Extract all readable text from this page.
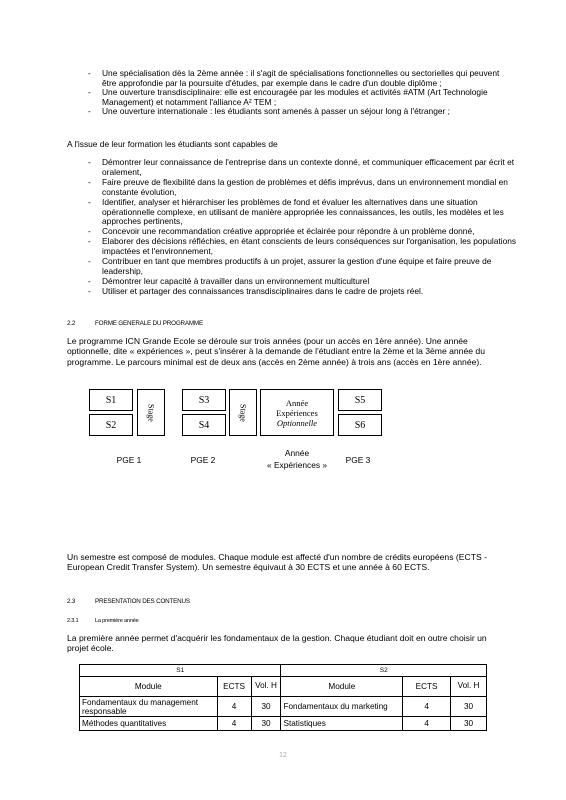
- Une spécialisation dès la 2ème année : il s'agit de spécialisations fonctionnelles ou sectorielles qui peuvent être approfondie par la poursuite d'études, par exemple dans le cadre d'un double diplôme ;
- Une ouverture transdisciplinaire: elle est encouragée par les modules et activités #ATM (Art Technologie Management) et notamment l'alliance A² TEM ;
- Une ouverture internationale : les étudiants sont amenés à passer un séjour long à l'étranger ;
A l'issue de leur formation les étudiants sont capables de
- Démontrer leur connaissance de l'entreprise dans un contexte donné, et communiquer efficacement par écrit et oralement,
- Faire preuve de flexibilité dans la gestion de problèmes et défis imprévus, dans un environnement mondial en constante évolution,
- Identifier, analyser et hiérarchiser les problèmes de fond et évaluer les alternatives dans une situation opérationnelle complexe, en utilisant de manière appropriée les connaissances, les outils, les modèles et les approches pertinents,
- Concevoir une recommandation créative appropriée et éclairée pour répondre à un problème donné,
- Elaborer des décisions réfléchies, en étant conscients de leurs conséquences sur l'organisation, les populations impactées et l'environnement,
- Contribuer en tant que membres productifs à un projet, assurer la gestion d'une équipe et faire preuve de leadership,
- Démontrer leur capacité à travailler dans un environnement multiculturel
- Utiliser et partager des connaissances transdisciplinaires dans le cadre de projets réel.
2.2	FORME GENERALE DU PROGRAMME
Le programme ICN Grande Ecole se déroule sur trois années (pour un accès en 1ère année). Une année optionnelle, dite « expériences », peut s'insérer à la demande de l'étudiant entre la 2ème et la 3ème année du programme. Le parcours minimal est de deux ans (accès en 2ème année) à trois ans (accès en 1ère année).
S1
S2
Stage
S3
S4
Stage
Année
Expériences
Optionnelle
S5
S6
PGE 1	PGE 2
Année
« Expériences »	PGE 3
Un semestre est composé de modules. Chaque module est affecté d'un nombre de crédits européens (ECTS - European Credit Transfer System). Un semestre équivaut à 30 ECTS et une année à 60 ECTS.
2.3	PRESENTATION DES CONTENUS
2.3.1	La première année
La première année permet d'acquérir les fondamentaux de la gestion. Chaque étudiant doit en outre choisir un projet école.
S1			S2		
Module	ECTS	Vol. H	Module	ECTS	Vol. H
Fondamentaux du management responsable	4	30	Fondamentaux du marketing	4	30
Méthodes quantitatives	4	30	Statistiques	4	30
12
